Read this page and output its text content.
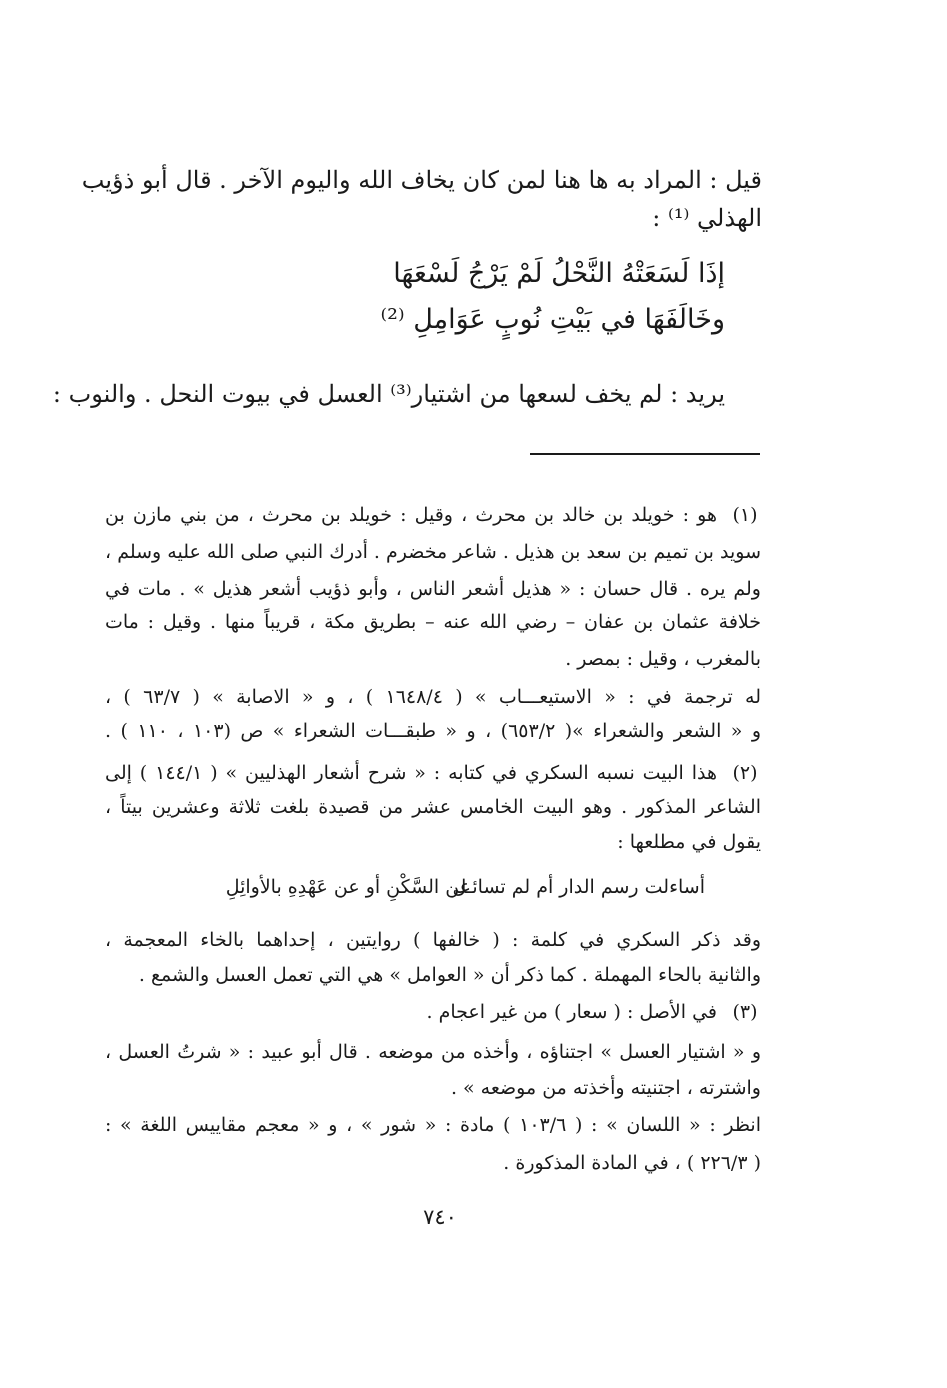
قيل : المراد به ها هنا لمن كان يخاف الله واليوم الآخر . قال أبو ذؤيب
الهذلي ⁽¹⁾ :
إذَا لَسَعَتْهُ النَّحْلُ لَمْ يَرْجُ لَسْعَهَا
وخَالَفَهَا في بَيْتِ نُوبٍ عَوَامِلِ ⁽²⁾
يريد : لم يخف لسعها من اشتيار⁽³⁾ العسل في بيوت النحل . والنوب :
(١)
هو : خويلد بن خالد بن محرث ، وقيل : خويلد بن محرث ، من بني مازن بن
سويد بن تميم بن سعد بن هذيل . شاعر مخضرم . أدرك النبي صلى الله عليه وسلم ،
ولم يره . قال حسان : « هذيل أشعر الناس ، وأبو ذؤيب أشعر هذيل » . مات في
خلافة عثمان بن عفان – رضي الله عنه – بطريق مكة ، قريباً منها . وقيل : مات
بالمغرب ، وقيل : بمصر .
له ترجمة في : « الاستيعـــاب » ( ١٦٤٨/٤ ) ، و « الاصابة » ( ٦٣/٧ ) ،
و « الشعر والشعراء »( ٦٥٣/٢) ، و « طبقـــات الشعراء » ص (١٠٣ ، ١١٠ ) .
(٢)
هذا البيت نسبه السكري في كتابه : « شرح أشعار الهذليين » ( ١٤٤/١ ) إلى
الشاعر المذكور . وهو البيت الخامس عشر من قصيدة بلغت ثلاثة وعشرين بيتاً ،
يقول في مطلعها :
أساءلت رسم الدار أم لم تسائـل
عن السَّكْنِ أو عن عَهْدِهِ بالأوائِلِ
وقد ذكر السكري في كلمة : ( خالفها ) روايتين ، إحداهما بالخاء المعجمة ،
والثانية بالحاء المهملة . كما ذكر أن « العوامل » هي التي تعمل العسل والشمع .
(٣)
في الأصل : ( سعار ) من غير اعجام .
و « اشتيار العسل » اجتناؤه ، وأخذه من موضعه . قال أبو عبيد : « شرتُ العسل ،
واشترته ، اجتنيته وأخذته من موضعه » .
انظر : « اللسان » : ( ١٠٣/٦ ) مادة : « شور » ، و « معجم مقاييس اللغة » :
( ٢٢٦/٣ ) ، في المادة المذكورة .
٧٤٠
